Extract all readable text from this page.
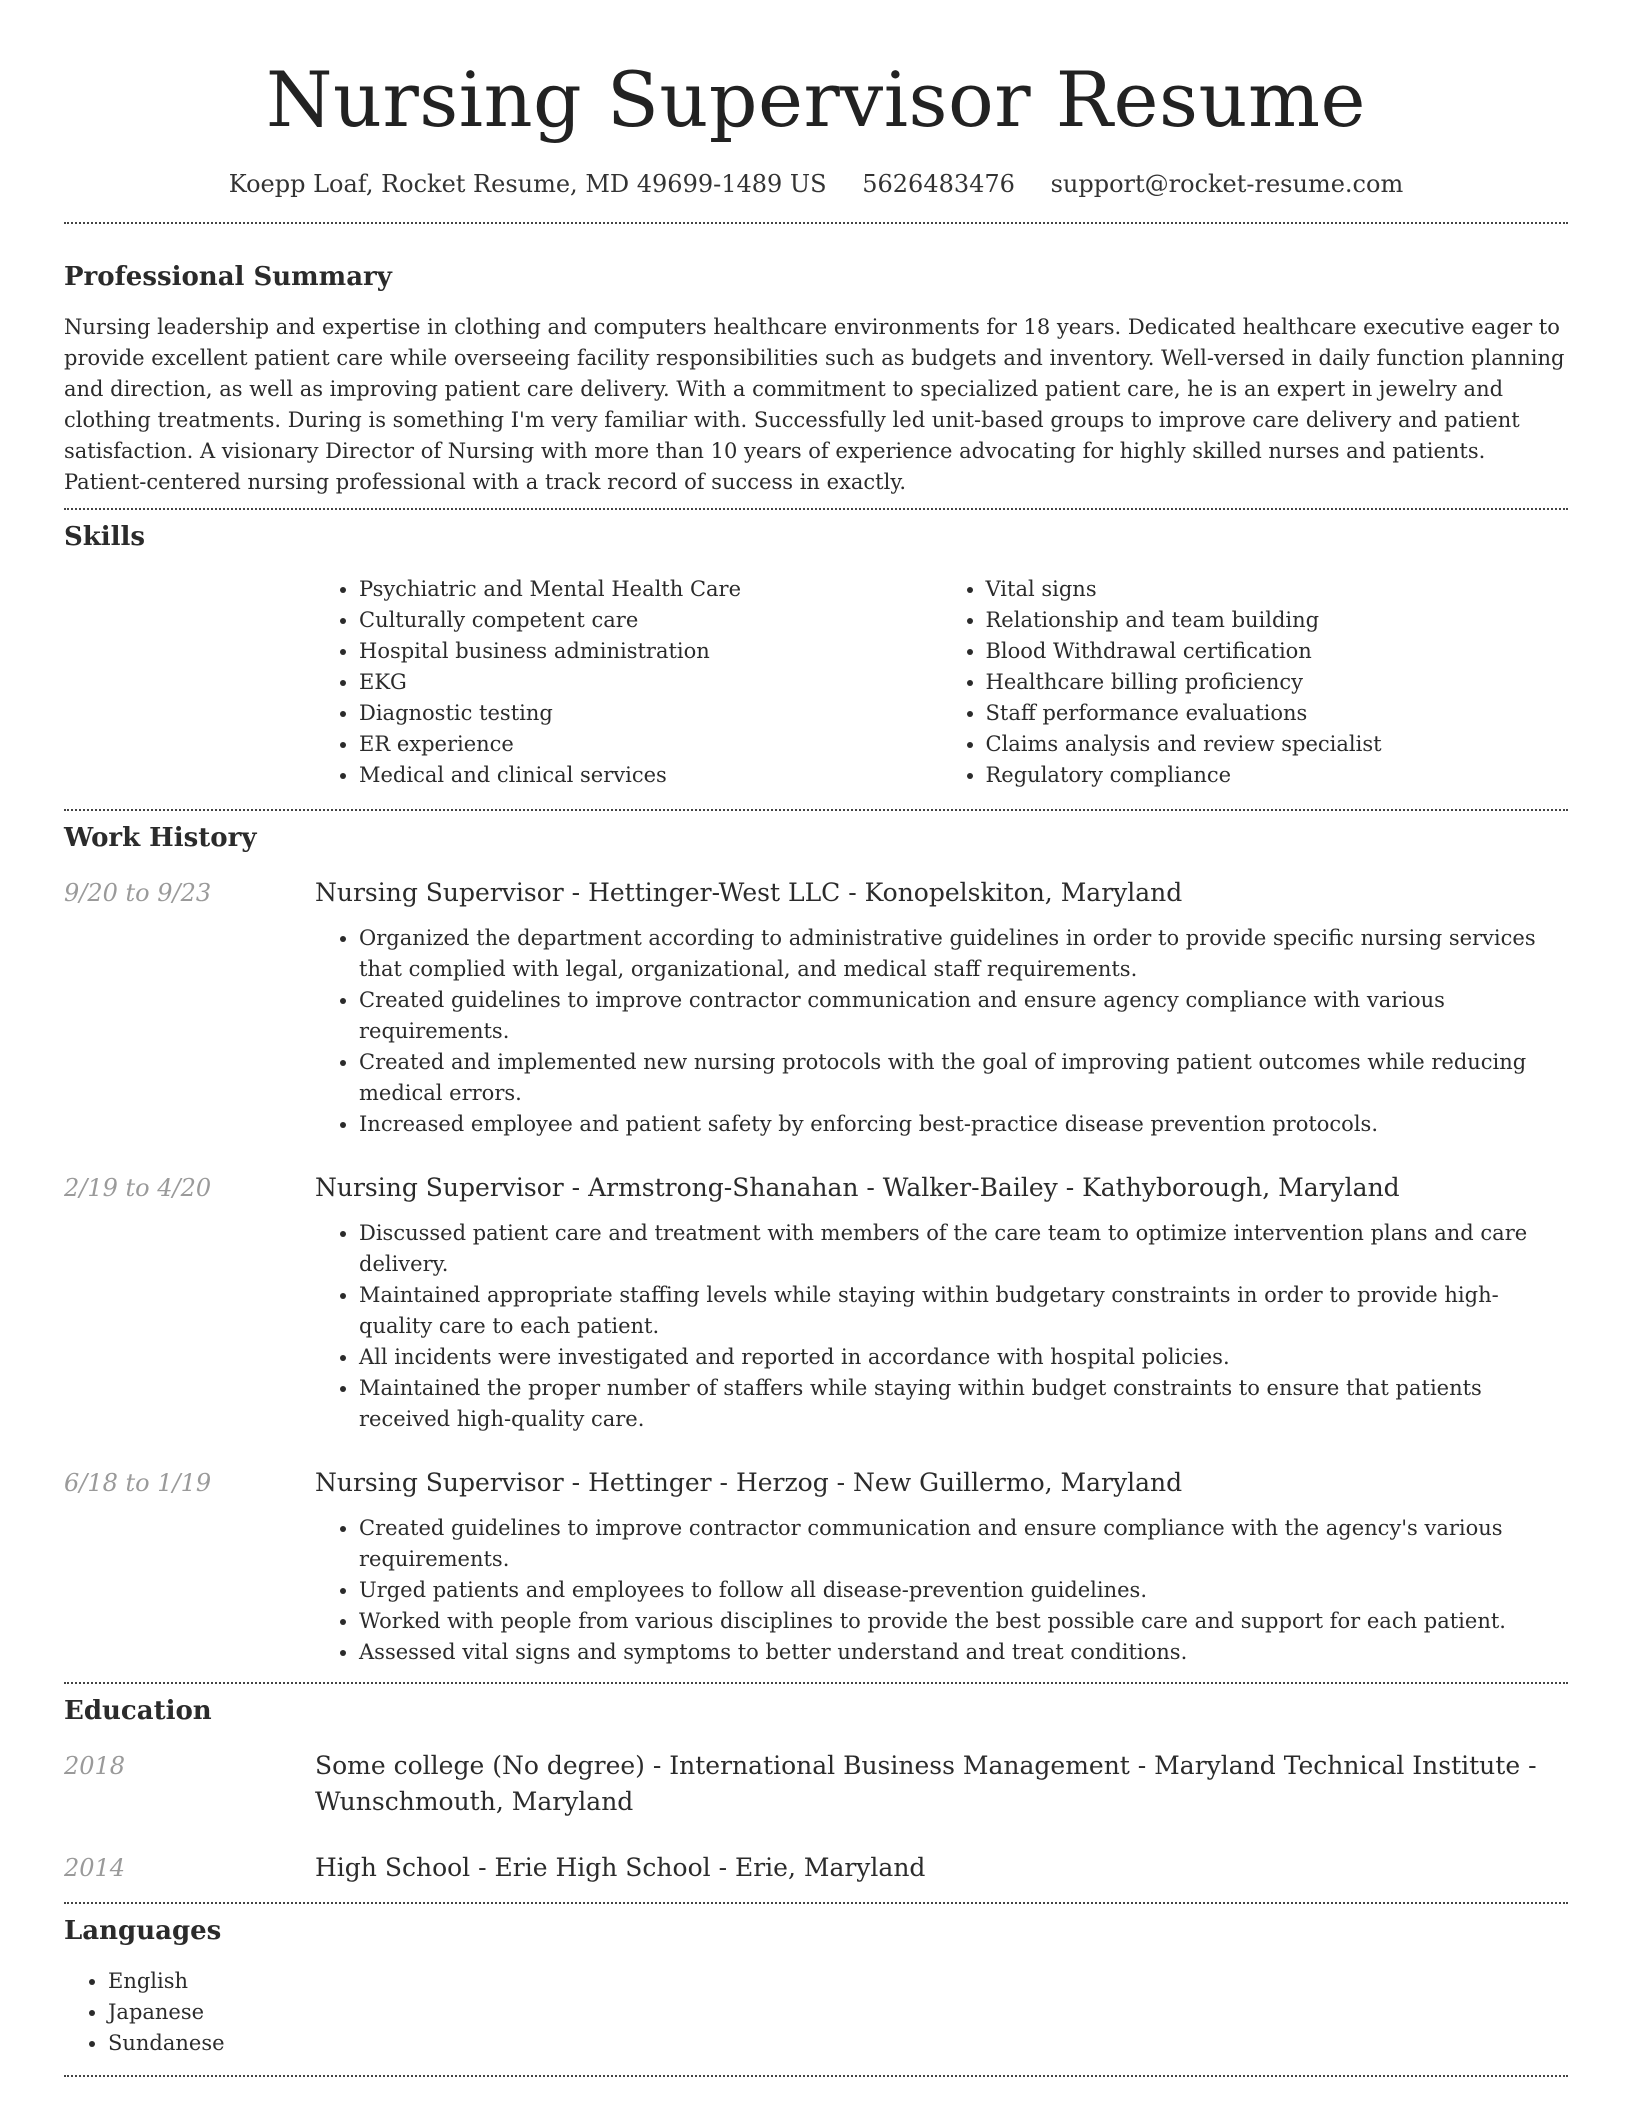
Nursing Supervisor Resume
Koepp Loaf, Rocket Resume, MD 49699-1489 US 5626483476 support@rocket-resume.com
Professional Summary

Nursing leadership and expertise in clothing and computers healthcare environments for 18 years. Dedicated healthcare executive eager to provide excellent patient care while overseeing facility responsibilities such as budgets and inventory. Well-versed in daily function planning and direction, as well as improving patient care delivery. With a commitment to specialized patient care, he is an expert in jewelry and clothing treatments. During is something I'm very familiar with. Successfully led unit-based groups to improve care delivery and patient satisfaction. A visionary Director of Nursing with more than 10 years of experience advocating for highly skilled nurses and patients. Patient-centered nursing professional with a track record of success in exactly.

Skills
• Psychiatric and Mental Health Care
• Culturally competent care
• Hospital business administration
• EKG
• Diagnostic testing
• ER experience
• Medical and clinical services
• Vital signs
• Relationship and team building
• Blood Withdrawal certification
• Healthcare billing proficiency
• Staff performance evaluations
• Claims analysis and review specialist
• Regulatory compliance
Work History
9/20 to 9/23	Nursing Supervisor - Hettinger-West LLC - Konopelskiton, Maryland
• Organized the department according to administrative guidelines in order to provide specific nursing services that complied with legal, organizational, and medical staff requirements.
• Created guidelines to improve contractor communication and ensure agency compliance with various requirements.
• Created and implemented new nursing protocols with the goal of improving patient outcomes while reducing medical errors.
• Increased employee and patient safety by enforcing best-practice disease prevention protocols.
2/19 to 4/20	Nursing Supervisor - Armstrong-Shanahan - Walker-Bailey - Kathyborough, Maryland
• Discussed patient care and treatment with members of the care team to optimize intervention plans and care delivery.
• Maintained appropriate staffing levels while staying within budgetary constraints in order to provide high-quality care to each patient.
• All incidents were investigated and reported in accordance with hospital policies.
• Maintained the proper number of staffers while staying within budget constraints to ensure that patients received high-quality care.
6/18 to 1/19	Nursing Supervisor - Hettinger - Herzog - New Guillermo, Maryland
• Created guidelines to improve contractor communication and ensure compliance with the agency's various requirements.
• Urged patients and employees to follow all disease-prevention guidelines.
• Worked with people from various disciplines to provide the best possible care and support for each patient.
• Assessed vital signs and symptoms to better understand and treat conditions.
Education
2018	Some college (No degree) - International Business Management - Maryland Technical Institute - Wunschmouth, Maryland
2014	High School - Erie High School - Erie, Maryland
Languages
• English
• Japanese
• Sundanese
